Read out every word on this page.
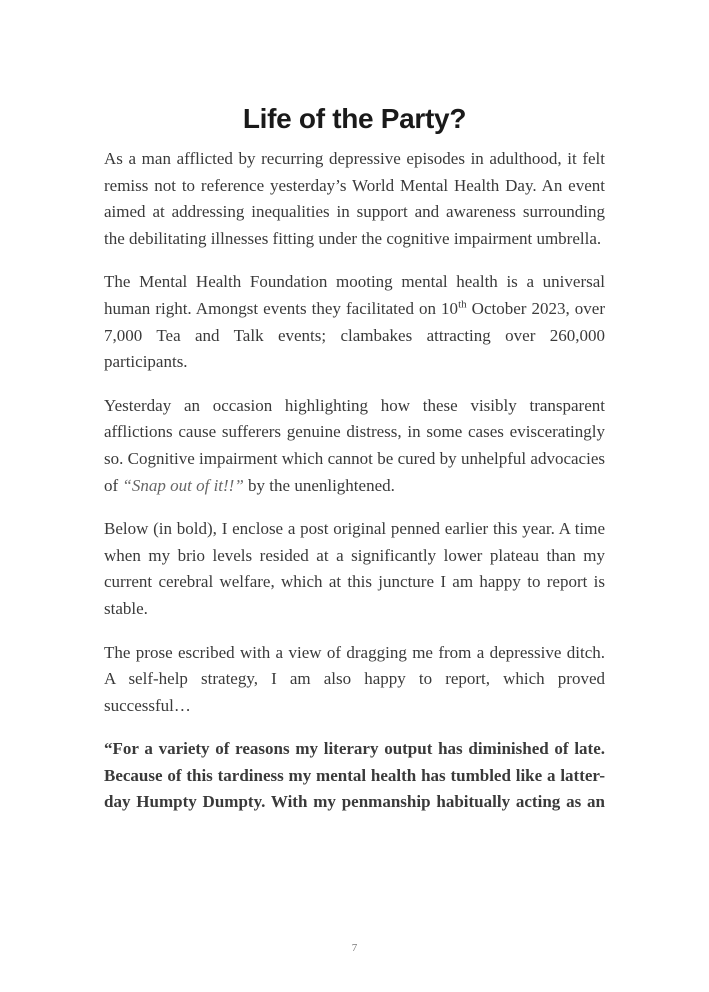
Life of the Party?

As a man afflicted by recurring depressive episodes in adulthood, it felt remiss not to reference yesterday’s World Mental Health Day. An event aimed at addressing inequalities in support and awareness surrounding the debilitating illnesses fitting under the cognitive impairment umbrella.

The Mental Health Foundation mooting mental health is a universal human right. Amongst events they facilitated on 10th October 2023, over 7,000 Tea and Talk events; clambakes attracting over 260,000 participants.

Yesterday an occasion highlighting how these visibly transparent afflictions cause sufferers genuine distress, in some cases evisceratingly so. Cognitive impairment which cannot be cured by unhelpful advocacies of “Snap out of it!!” by the unenlightened.

Below (in bold), I enclose a post original penned earlier this year. A time when my brio levels resided at a significantly lower plateau than my current cerebral welfare, which at this juncture I am happy to report is stable.

The prose escribed with a view of dragging me from a depressive ditch. A self-help strategy, I am also happy to report, which proved successful…

“For a variety of reasons my literary output has diminished of late. Because of this tardiness my mental health has tumbled like a latter-day Humpty Dumpty. With my penmanship habitually acting as an

7
